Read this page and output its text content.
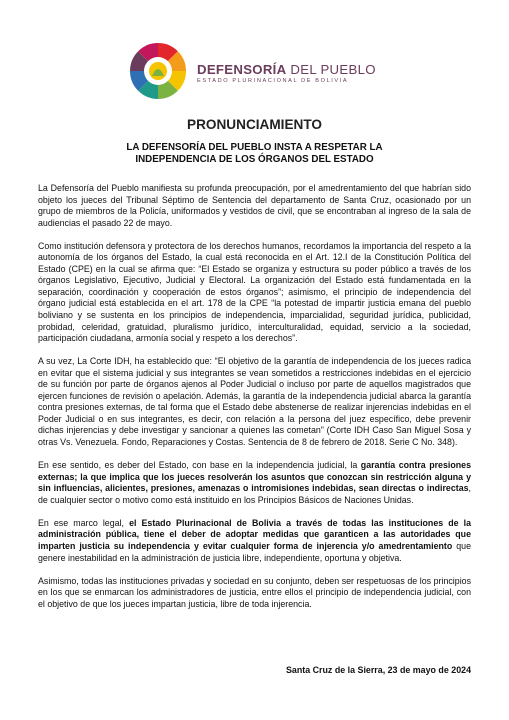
DEFENSORÍA DEL PUEBLO
ESTADO PLURINACIONAL DE BOLIVIA
PRONUNCIAMIENTO
LA DEFENSORÍA DEL PUEBLO INSTA A RESPETAR LA
INDEPENDENCIA DE LOS ÓRGANOS DEL ESTADO

La Defensoría del Pueblo manifiesta su profunda preocupación, por el amedrentamiento del que habrían sido objeto los jueces del Tribunal Séptimo de Sentencia del departamento de Santa Cruz, ocasionado por un grupo de miembros de la Policía, uniformados y vestidos de civil, que se encontraban al ingreso de la sala de audiencias el pasado 22 de mayo.

Como institución defensora y protectora de los derechos humanos, recordamos la importancia del respeto a la autonomía de los órganos del Estado, la cual está reconocida en el Art. 12.I de la Constitución Política del Estado (CPE) en la cual se afirma que: “El Estado se organiza y estructura su poder público a través de los órganos Legislativo, Ejecutivo, Judicial y Electoral. La organización del Estado está fundamentada en la separación, coordinación y cooperación de estos órganos”; asimismo, el principio de independencia del órgano judicial está establecida en el art. 178 de la CPE “la potestad de impartir justicia emana del pueblo boliviano y se sustenta en los principios de independencia, imparcialidad, seguridad jurídica, publicidad, probidad, celeridad, gratuidad, pluralismo jurídico, interculturalidad, equidad, servicio a la sociedad, participación ciudadana, armonía social y respeto a los derechos”.

A su vez, La Corte IDH, ha establecido que: “El objetivo de la garantía de independencia de los jueces radica en evitar que el sistema judicial y sus integrantes se vean sometidos a restricciones indebidas en el ejercicio de su función por parte de órganos ajenos al Poder Judicial o incluso por parte de aquellos magistrados que ejercen funciones de revisión o apelación. Además, la garantía de la independencia judicial abarca la garantía contra presiones externas, de tal forma que el Estado debe abstenerse de realizar injerencias indebidas en el Poder Judicial o en sus integrantes, es decir, con relación a la persona del juez específico, debe prevenir dichas injerencias y debe investigar y sancionar a quienes las cometan” (Corte IDH Caso San Miguel Sosa y otras Vs. Venezuela. Fondo, Reparaciones y Costas. Sentencia de 8 de febrero de 2018. Serie C No. 348).

En ese sentido, es deber del Estado, con base en la independencia judicial, la garantía contra presiones externas; la que implica que los jueces resolverán los asuntos que conozcan sin restricción alguna y sin influencias, alicientes, presiones, amenazas o intromisiones indebidas, sean directas o indirectas, de cualquier sector o motivo como está instituido en los Principios Básicos de Naciones Unidas.

En ese marco legal, el Estado Plurinacional de Bolivia a través de todas las instituciones de la administración pública, tiene el deber de adoptar medidas que garanticen a las autoridades que imparten justicia su independencia y evitar cualquier forma de injerencia y/o amedrentamiento que genere inestabilidad en la administración de justicia libre, independiente, oportuna y objetiva.

Asimismo, todas las instituciones privadas y sociedad en su conjunto, deben ser respetuosas de los principios en los que se enmarcan los administradores de justicia, entre ellos el principio de independencia judicial, con el objetivo de que los jueces impartan justicia, libre de toda injerencia.

Santa Cruz de la Sierra, 23 de mayo de 2024
